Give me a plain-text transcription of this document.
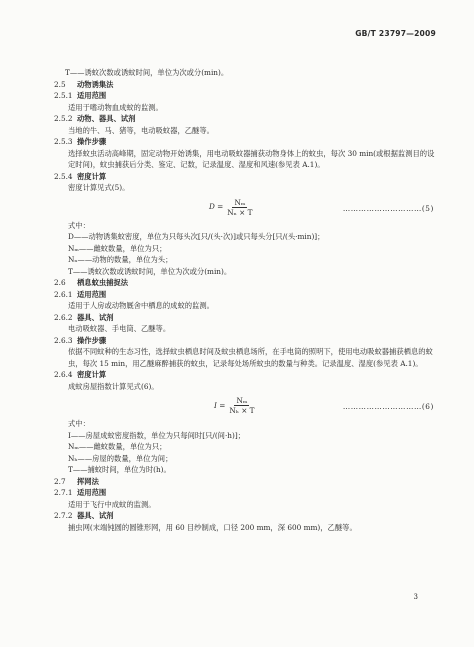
GB/T 23797—2009

T——诱蚊次数或诱蚊时间，单位为次或分(min)。

2.5 动物诱集法

2.5.1 适用范围

适用于嗜动物血成蚊的监测。

2.5.2 动物、器具、试剂

当地的牛、马、猪等，电动吸蚊器，乙醚等。

2.5.3 操作步骤

选择蚊虫活动高峰期，固定动物开始诱集，用电动吸蚊器捕获动物身体上的蚊虫，每次 30 min(或根据监测目的设定时间)，蚊虫捕获后分类、鉴定、记数，记录温度、湿度和风速(参见表 A.1)。

2.5.4 密度计算

密度计算见式(5)。

$D = \frac{\text{Nₘ}}{\text{Nₙ × T}}$	…………………………(5)

式中：

D——动物诱集蚊密度，单位为只每头次[只/(头·次)]或只每头分[只/(头·min)]；

Nₘ——雌蚊数量，单位为只；

Nₙ——动物的数量，单位为头；

T——诱蚊次数或诱蚊时间，单位为次或分(min)。

2.6 栖息蚊虫捕捉法

2.6.1 适用范围

适用于人房或动物厩舍中栖息的成蚊的监测。

2.6.2 器具、试剂

电动吸蚊器、手电筒、乙醚等。

2.6.3 操作步骤

依据不同蚊种的生态习性，选择蚊虫栖息时间及蚊虫栖息场所，在手电筒的照明下，使用电动吸蚊器捕获栖息的蚊虫，每次 15 min，用乙醚麻醉捕获的蚊虫，记录每处场所蚊虫的数量与种类。记录温度、湿度(参见表 A.1)。

2.6.4 密度计算

成蚊房屋指数计算见式(6)。

$I = \frac{\text{Nₘ}}{\text{Nₕ × T}}$	…………………………(6)

式中：

I——房屋成蚊密度指数，单位为只每间时[只/(间·h)]；

Nₘ——雌蚊数量，单位为只；

Nₕ——房屋的数量，单位为间；

T——捕蚊时间，单位为时(h)。

2.7 挥网法

2.7.1 适用范围

适用于飞行中成蚊的监测。

2.7.2 器具、试剂

捕虫网(末端钝圆的圆锥形网，用 60 目纱制成，口径 200 mm，深 600 mm)，乙醚等。

3
